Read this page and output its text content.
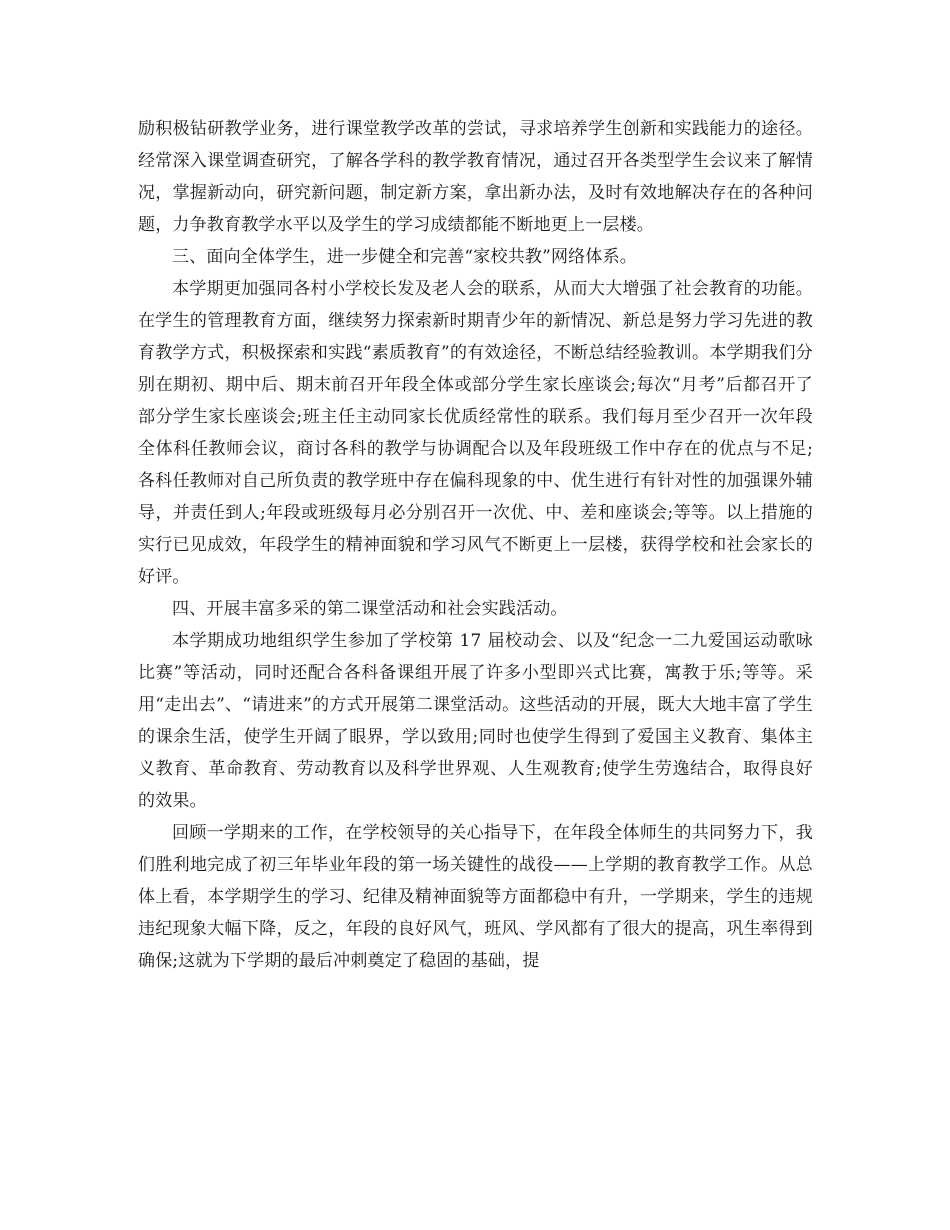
励积极钻研教学业务，进行课堂教学改革的尝试，寻求培养学生创新和实践能力的途径。经常深入课堂调查研究，了解各学科的教学教育情况，通过召开各类型学生会议来了解情况，掌握新动向，研究新问题，制定新方案，拿出新办法，及时有效地解决存在的各种问题，力争教育教学水平以及学生的学习成绩都能不断地更上一层楼。

三、面向全体学生，进一步健全和完善“家校共教”网络体系。

本学期更加强同各村小学校长发及老人会的联系，从而大大增强了社会教育的功能。在学生的管理教育方面，继续努力探索新时期青少年的新情况、新总是努力学习先进的教育教学方式，积极探索和实践“素质教育”的有效途径，不断总结经验教训。本学期我们分别在期初、期中后、期末前召开年段全体或部分学生家长座谈会;每次“月考”后都召开了部分学生家长座谈会;班主任主动同家长优质经常性的联系。我们每月至少召开一次年段全体科任教师会议，商讨各科的教学与协调配合以及年段班级工作中存在的优点与不足;各科任教师对自己所负责的教学班中存在偏科现象的中、优生进行有针对性的加强课外辅导，并责任到人;年段或班级每月必分别召开一次优、中、差和座谈会;等等。以上措施的实行已见成效，年段学生的精神面貌和学习风气不断更上一层楼，获得学校和社会家长的好评。

四、开展丰富多采的第二课堂活动和社会实践活动。

本学期成功地组织学生参加了学校第 17 届校动会、以及“纪念一二九爱国运动歌咏比赛”等活动，同时还配合各科备课组开展了许多小型即兴式比赛，寓教于乐;等等。采用“走出去”、“请进来”的方式开展第二课堂活动。这些活动的开展，既大大地丰富了学生的课余生活，使学生开阔了眼界，学以致用;同时也使学生得到了爱国主义教育、集体主义教育、革命教育、劳动教育以及科学世界观、人生观教育;使学生劳逸结合，取得良好的效果。

回顾一学期来的工作，在学校领导的关心指导下，在年段全体师生的共同努力下，我们胜利地完成了初三年毕业年段的第一场关键性的战役——上学期的教育教学工作。从总体上看，本学期学生的学习、纪律及精神面貌等方面都稳中有升，一学期来，学生的违规违纪现象大幅下降，反之，年段的良好风气，班风、学风都有了很大的提高，巩生率得到确保;这就为下学期的最后冲刺奠定了稳固的基础，提
